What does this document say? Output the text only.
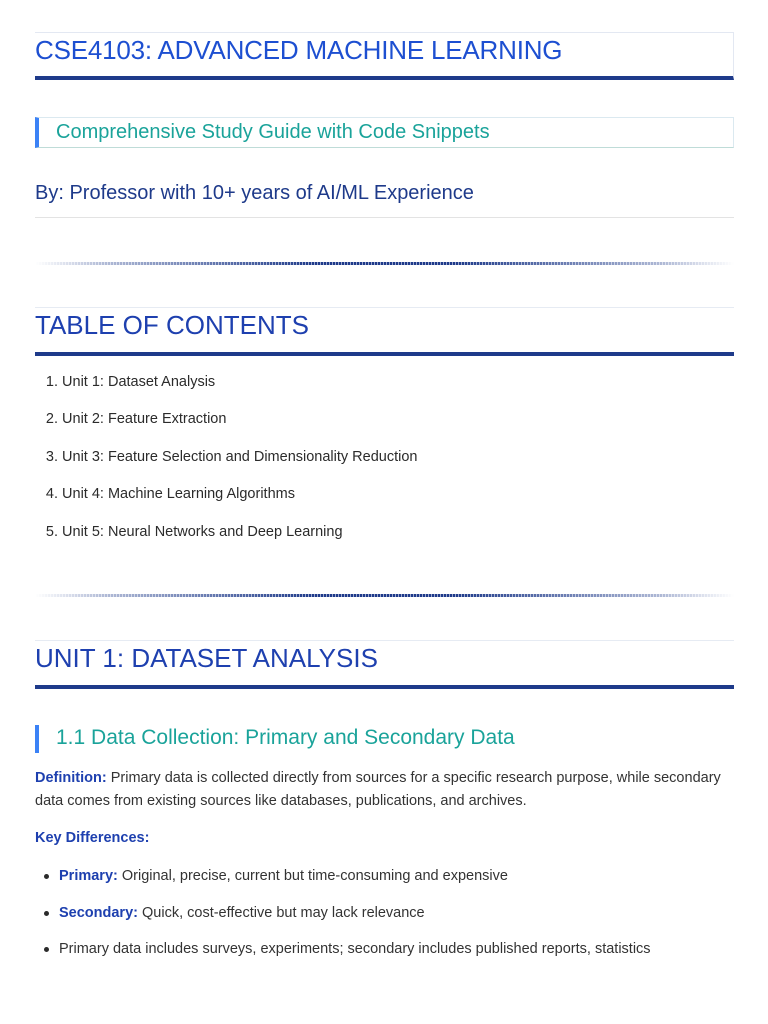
CSE4103: ADVANCED MACHINE LEARNING
Comprehensive Study Guide with Code Snippets
By: Professor with 10+ years of AI/ML Experience
TABLE OF CONTENTS
1. Unit 1: Dataset Analysis
2. Unit 2: Feature Extraction
3. Unit 3: Feature Selection and Dimensionality Reduction
4. Unit 4: Machine Learning Algorithms
5. Unit 5: Neural Networks and Deep Learning
UNIT 1: DATASET ANALYSIS
1.1 Data Collection: Primary and Secondary Data

Definition: Primary data is collected directly from sources for a specific research purpose, while secondary data comes from existing sources like databases, publications, and archives.

Key Differences:

Primary: Original, precise, current but time-consuming and expensive
Secondary: Quick, cost-effective but may lack relevance
Primary data includes surveys, experiments; secondary includes published reports, statistics
